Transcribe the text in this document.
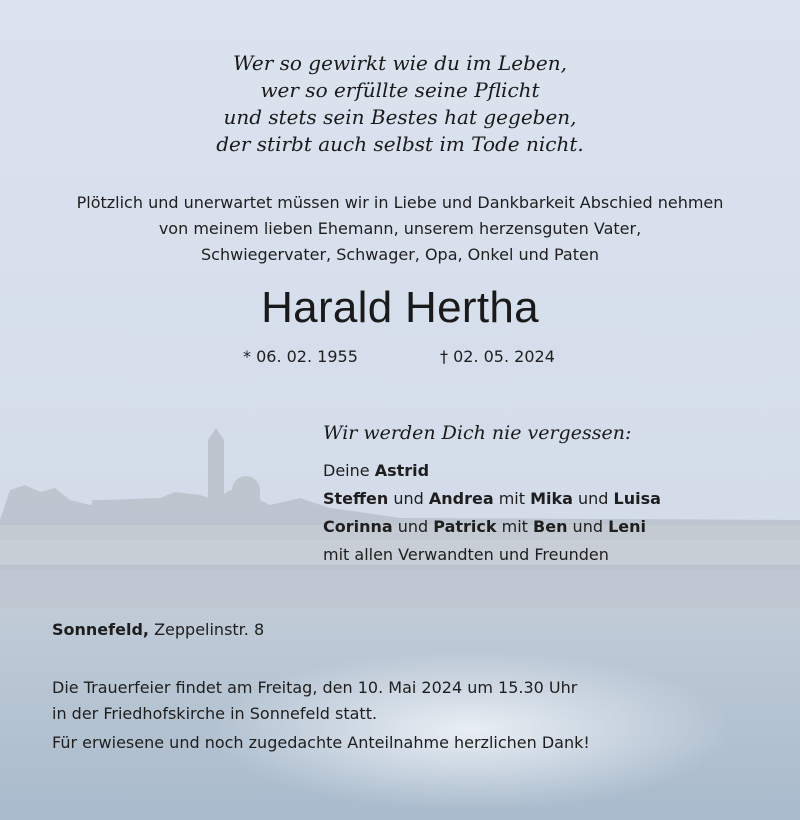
Wer so gewirkt wie du im Leben,
wer so erfüllte seine Pflicht
und stets sein Bestes hat gegeben,
der stirbt auch selbst im Tode nicht.
Plötzlich und unerwartet müssen wir in Liebe und Dankbarkeit Abschied nehmen
von meinem lieben Ehemann, unserem herzensguten Vater,
Schwiegervater, Schwager, Opa, Onkel und Paten
Harald Hertha
* 06. 02. 1955	† 02. 05. 2024
Wir werden Dich nie vergessen:
Deine Astrid
Steffen und Andrea mit Mika und Luisa
Corinna und Patrick mit Ben und Leni
mit allen Verwandten und Freunden
Sonnefeld, Zeppelinstr. 8
Die Trauerfeier findet am Freitag, den 10. Mai 2024 um 15.30 Uhr
in der Friedhofskirche in Sonnefeld statt.
Für erwiesene und noch zugedachte Anteilnahme herzlichen Dank!
